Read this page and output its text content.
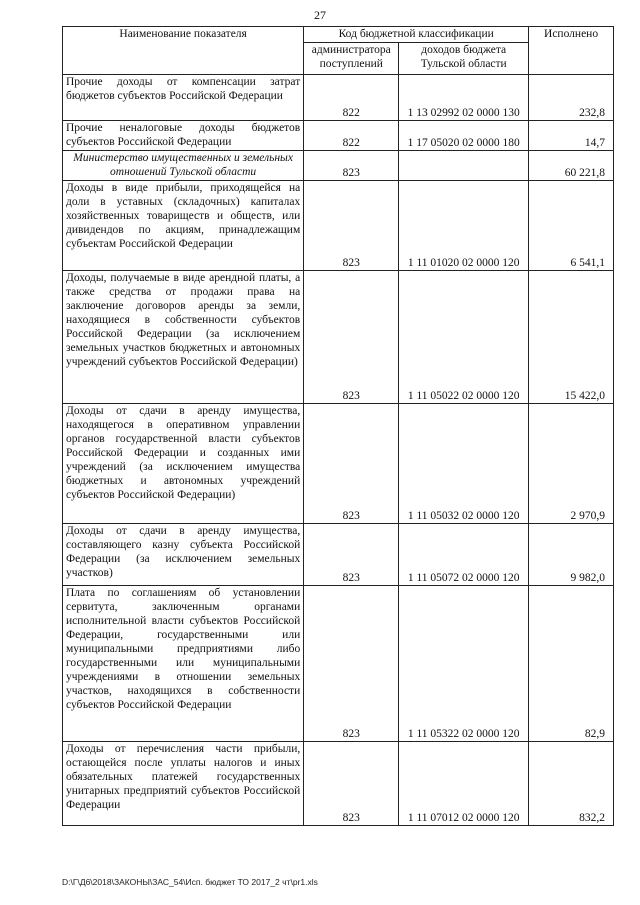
27
Наименование показателя	Код бюджетной классификации		Исполнено
	администратора поступлений	доходов бюджета Тульской области	
Прочие доходы от компенсации затрат бюджетов субъектов Российской Федерации	822	1 13 02992 02 0000 130	232,8
Прочие неналоговые доходы бюджетов субъектов Российской Федерации	822	1 17 05020 02 0000 180	14,7
Министерство имущественных и земельных отношений Тульской области	823		60 221,8
Доходы в виде прибыли, приходящейся на доли в уставных (складочных) капиталах хозяйственных товариществ и обществ, или дивидендов по акциям, принадлежащим субъектам Российской Федерации	823	1 11 01020 02 0000 120	6 541,1
Доходы, получаемые в виде арендной платы, а также средства от продажи права на заключение договоров аренды за земли, находящиеся в собственности субъектов Российской Федерации (за исключением земельных участков бюджетных и автономных учреждений субъектов Российской Федерации)	823	1 11 05022 02 0000 120	15 422,0
Доходы от сдачи в аренду имущества, находящегося в оперативном управлении органов государственной власти субъектов Российской Федерации и созданных ими учреждений (за исключением имущества бюджетных и автономных учреждений субъектов Российской Федерации)	823	1 11 05032 02 0000 120	2 970,9
Доходы от сдачи в аренду имущества, составляющего казну субъекта Российской Федерации (за исключением земельных участков)	823	1 11 05072 02 0000 120	9 982,0
Плата по соглашениям об установлении сервитута, заключенным органами исполнительной власти субъектов Российской Федерации, государственными или муниципальными предприятиями либо государственными или муниципальными учреждениями в отношении земельных участков, находящихся в собственности субъектов Российской Федерации	823	1 11 05322 02 0000 120	82,9
Доходы от перечисления части прибыли, остающейся после уплаты налогов и иных обязательных платежей государственных унитарных предприятий субъектов Российской Федерации	823	1 11 07012 02 0000 120	832,2
D:\Г\Д6\2018\ЗАКОНЫ\ЗАС_54\Исп. бюджет ТО 2017_2 чт\pr1.xls
